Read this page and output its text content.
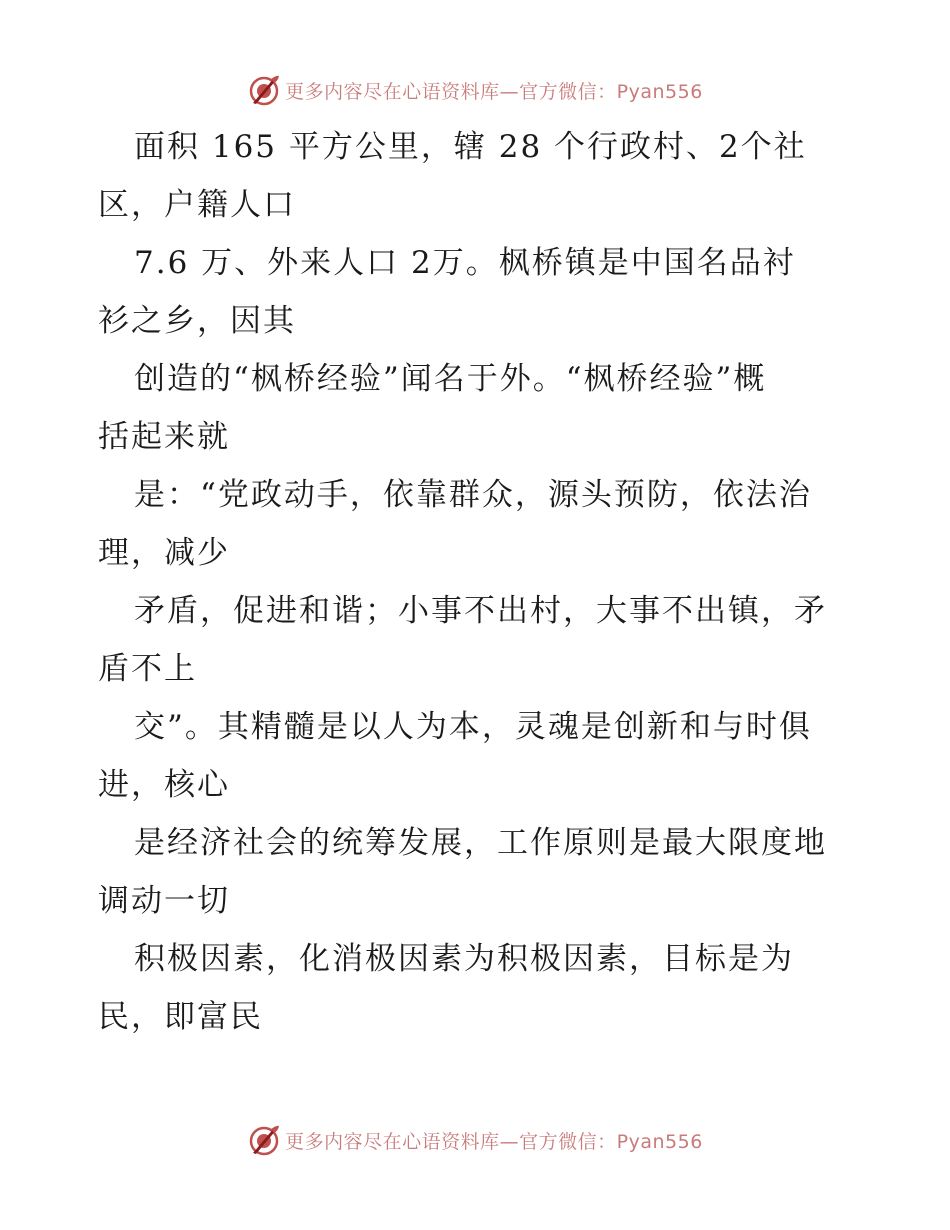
更多内容尽在心语资料库—官方微信：Pyan556
面积 165 平方公里，辖 28 个行政村、2个社
区，户籍人口
7.6 万、外来人口 2万。枫桥镇是中国名品衬
衫之乡，因其
创造的“枫桥经验”闻名于外。“枫桥经验”概
括起来就
是：“党政动手，依靠群众，源头预防，依法治
理，减少
矛盾，促进和谐；小事不出村，大事不出镇，矛
盾不上
交”。其精髓是以人为本，灵魂是创新和与时俱
进，核心
是经济社会的统筹发展，工作原则是最大限度地
调动一切
积极因素，化消极因素为积极因素，目标是为
民，即富民
更多内容尽在心语资料库—官方微信：Pyan556
